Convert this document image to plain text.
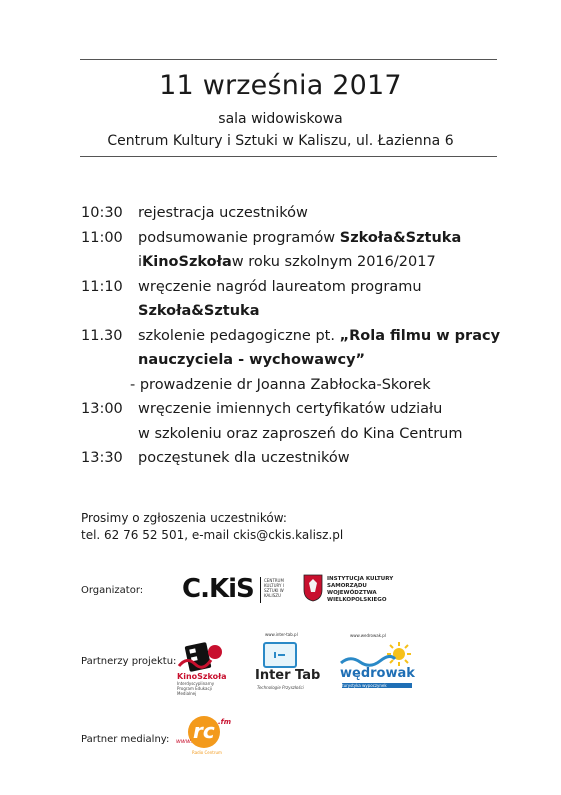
11 września 2017
sala widowiskowa
Centrum Kultury i Sztuki w Kaliszu, ul. Łazienna 6
10:30	rejestracja uczestników
11:00	podsumowanie programów Szkoła&Sztuka
i KinoSzkoła w roku szkolnym 2016/2017
11:10	wręczenie nagród laureatom programu
Szkoła&Sztuka
11.30	szkolenie pedagogiczne pt. „Rola filmu w pracy
nauczyciela - wychowawcy”
- prowadzenie dr Joanna Zabłocka-Skorek
13:00	wręczenie imiennych certyfikatów udziału
w szkoleniu oraz zaproszeń do Kina Centrum
13:30	poczęstunek dla uczestników
Prosimy o zgłoszenia uczestników:
tel. 62 76 52 501, e-mail ckis@ckis.kalisz.pl
Organizator:
Partnerzy projektu:
Partner medialny:
C.KiS	CENTRUM KULTURY I SZTUKI W KALISZU
INSTYTUCJA KULTURY
SAMORZĄDU WOJEWÓDZTWA
WIELKOPOLSKIEGO
KinoSzkoła
Interdyscyplinarny Program Edukacji Medialnej
www.inter-tab.pl
Inter Tab
Technologie Przyszłości
www.wedrowak.pl
wędrowak
turystyka wypoczynek
rc
www.
.fm
Radio Centrum
